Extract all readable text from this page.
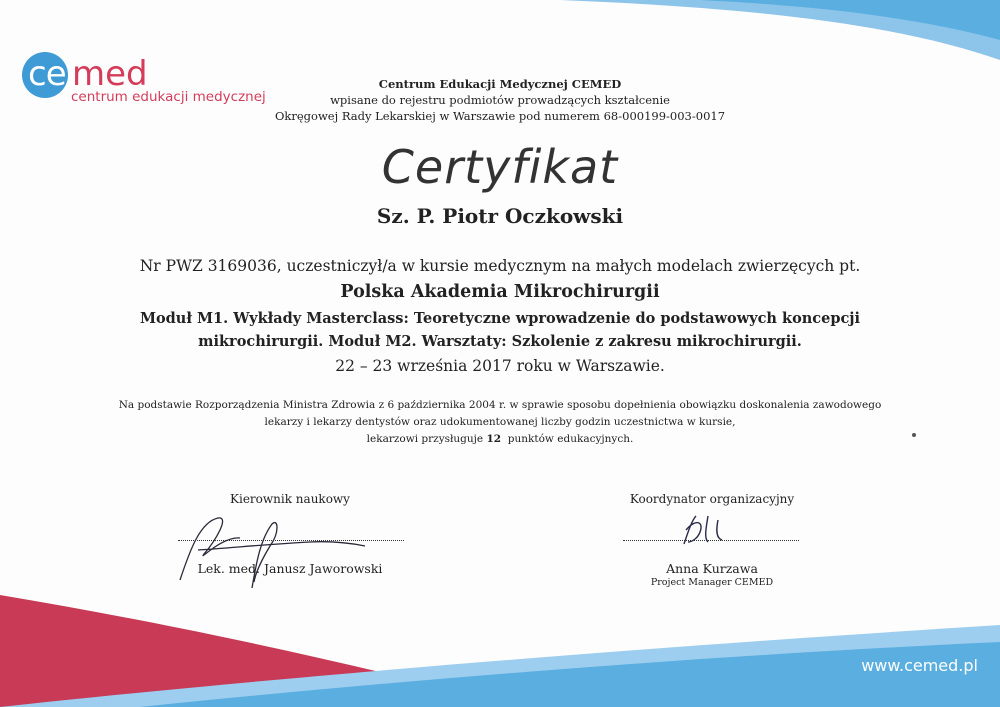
ce med
centrum edukacji medycznej
Centrum Edukacji Medycznej CEMED
wpisane do rejestru podmiotów prowadzących kształcenie
Okręgowej Rady Lekarskiej w Warszawie pod numerem 68-000199-003-0017
Certyfikat
Sz. P. Piotr Oczkowski
Nr PWZ 3169036, uczestniczył/a w kursie medycznym na małych modelach zwierzęcych pt.
Polska Akademia Mikrochirurgii
Moduł M1. Wykłady Masterclass: Teoretyczne wprowadzenie do podstawowych koncepcji
mikrochirurgii. Moduł M2. Warsztaty: Szkolenie z zakresu mikrochirurgii.
22 – 23 września 2017 roku w Warszawie.
Na podstawie Rozporządzenia Ministra Zdrowia z 6 października 2004 r. w sprawie sposobu dopełnienia obowiązku doskonalenia zawodowego
lekarzy i lekarzy dentystów oraz udokumentowanej liczby godzin uczestnictwa w kursie,
lekarzowi przysługuje 12  punktów edukacyjnych.
Kierownik naukowy
Lek. med. Janusz Jaworowski
Koordynator organizacyjny
Anna Kurzawa
Project Manager CEMED
www.cemed.pl
